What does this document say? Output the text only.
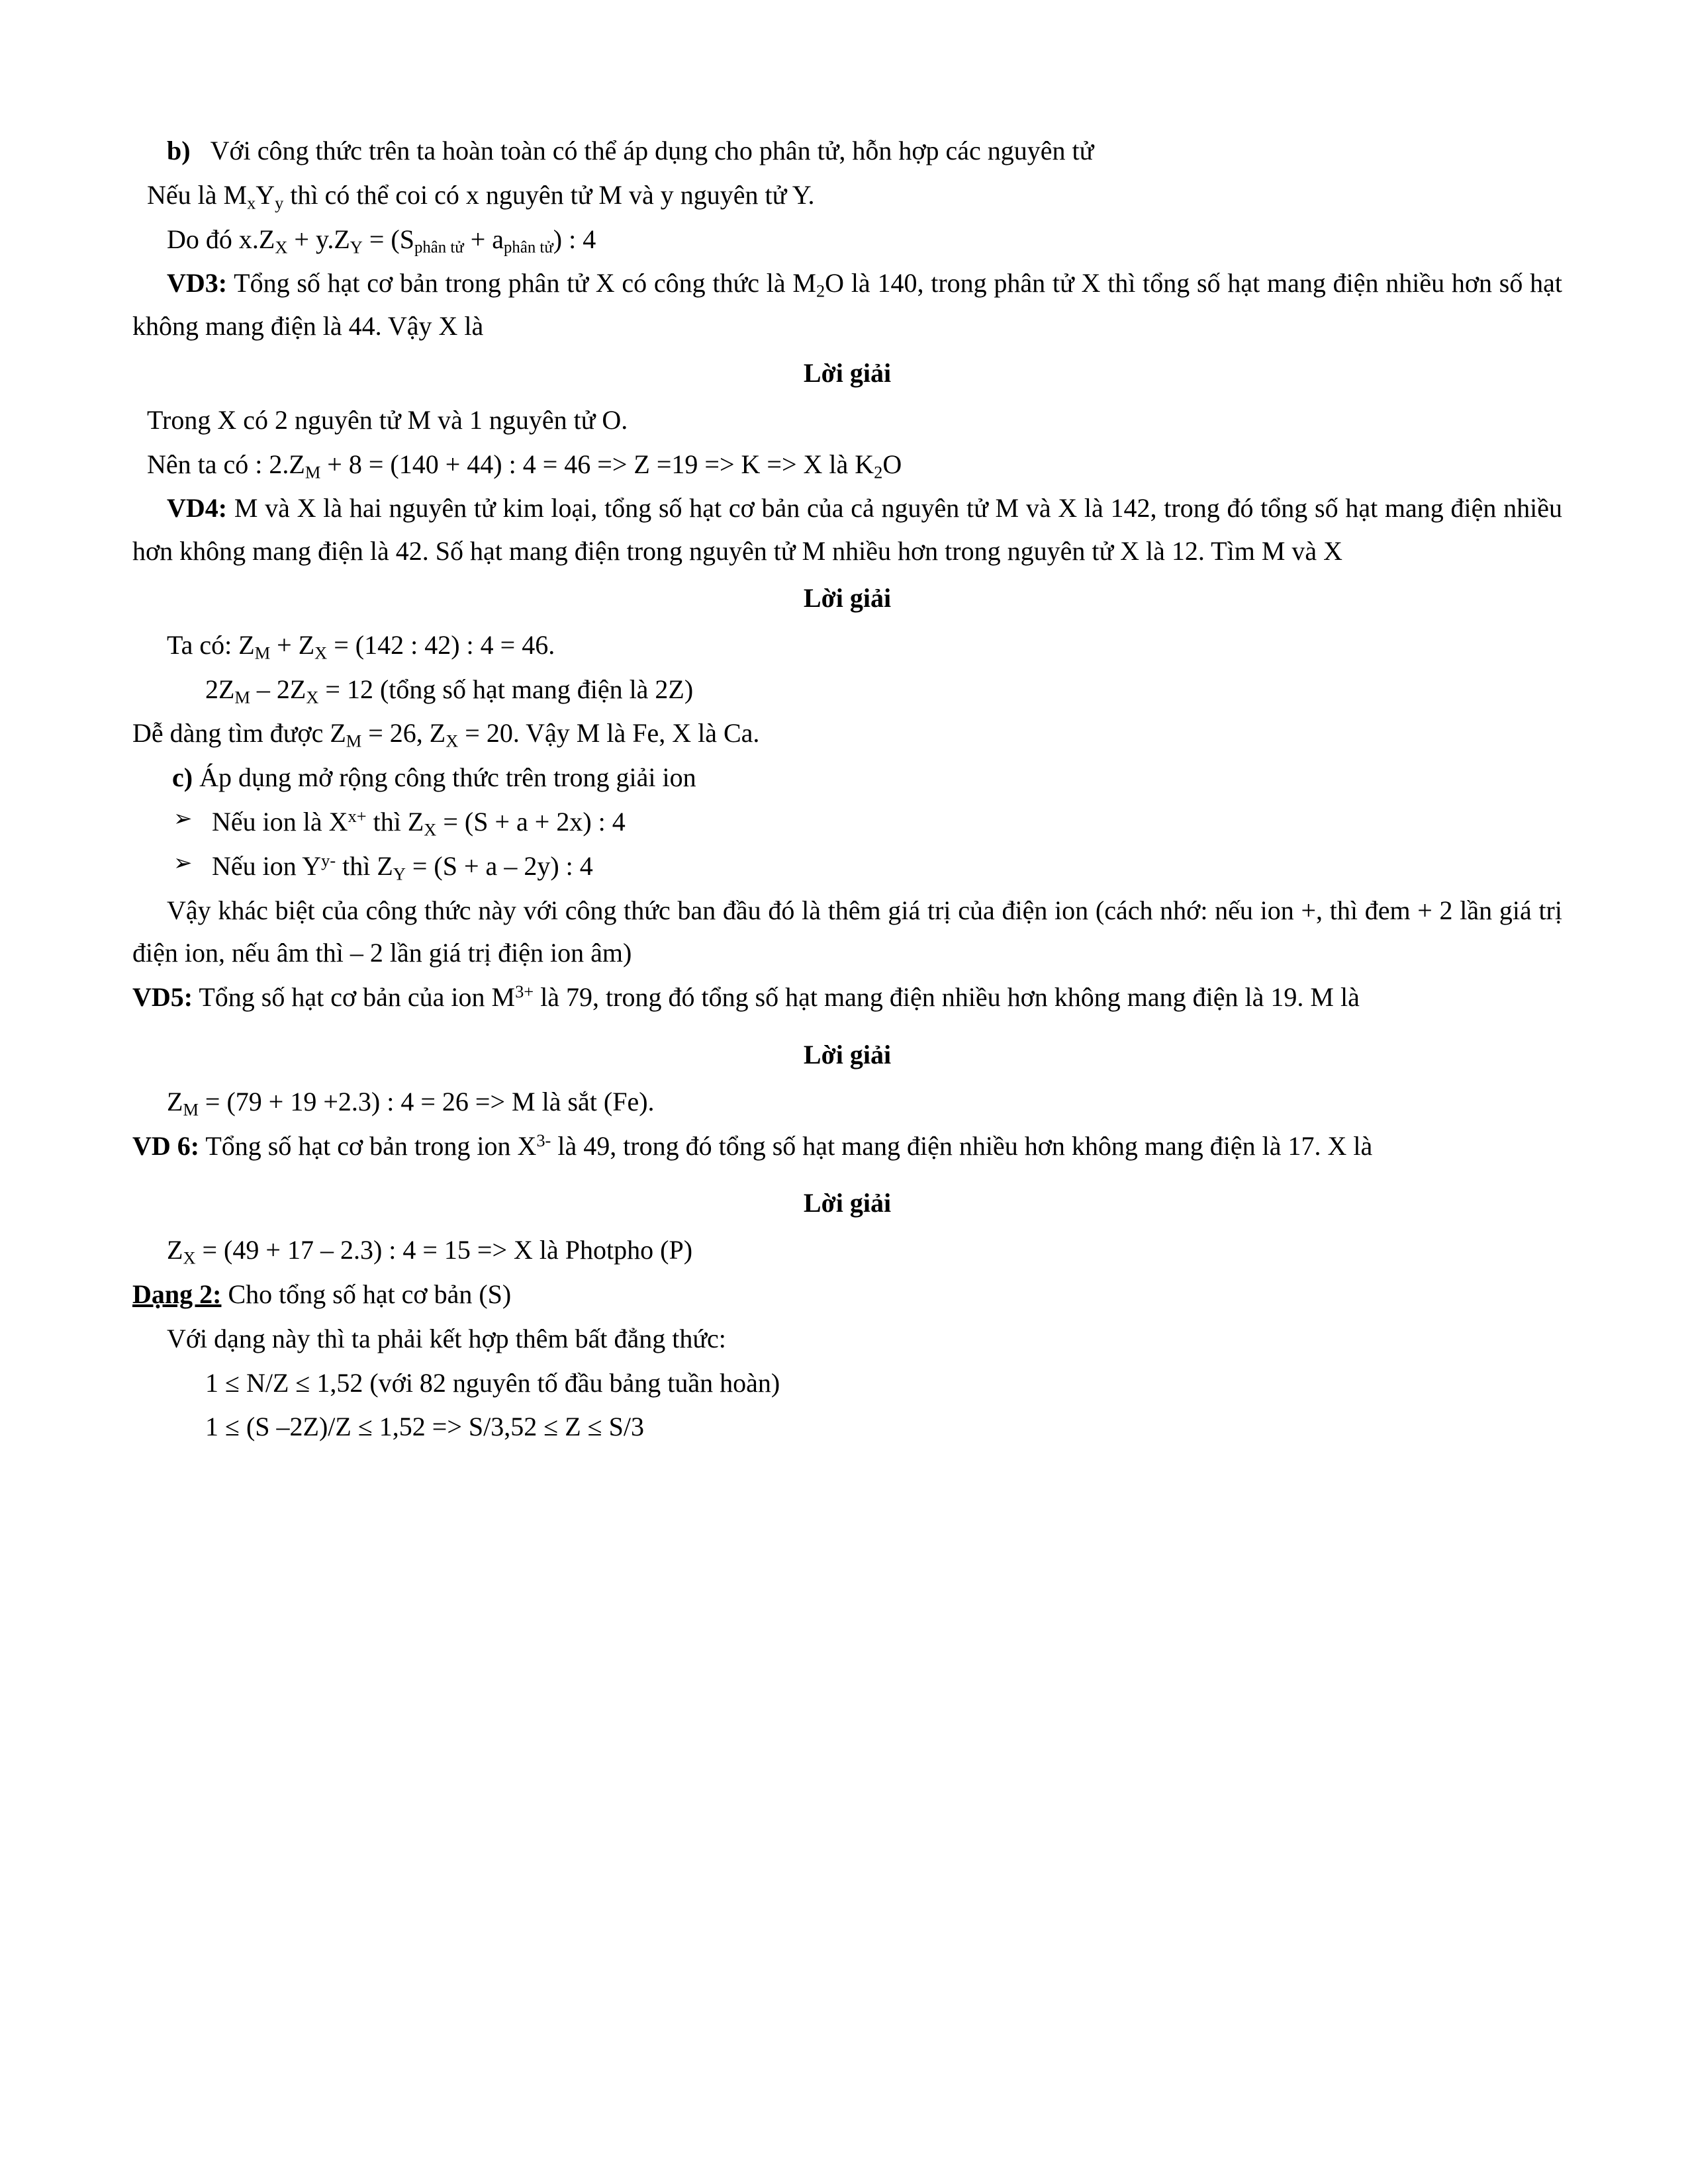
b) Với công thức trên ta hoàn toàn có thể áp dụng cho phân tử, hỗn hợp các nguyên tử

Nếu là $M_xY_y$ thì có thể coi có x nguyên tử M và y nguyên tử Y.

Do đó $x.Z_X + y.Z_Y = (S_{phân tử} + a_{phân tử})$ : 4

VD3: Tổng số hạt cơ bản trong phân tử X có công thức là $M_2O$ là 140, trong phân tử X thì tổng số hạt mang điện nhiều hơn số hạt không mang điện là 44. Vậy X là

Lời giải

Trong X có 2 nguyên tử M và 1 nguyên tử O.

Nên ta có : $2.Z_M + 8 = (140 + 44)$ : 4 = 46 => Z =19 => K => X là $K_2O$

VD4: M và X là hai nguyên tử kim loại, tổng số hạt cơ bản của cả nguyên tử M và X là 142, trong đó tổng số hạt mang điện nhiều hơn không mang điện là 42. Số hạt mang điện trong nguyên tử M nhiều hơn trong nguyên tử X là 12. Tìm M và X

Lời giải

Ta có: $Z_M + Z_X = (142$ : 42) : 4 = 46.

$2Z_M - 2Z_X = 12$ (tổng số hạt mang điện là 2Z)

Dễ dàng tìm được $Z_M = 26$, $Z_X = 20$. Vậy M là Fe, X là Ca.

c) Áp dụng mở rộng công thức trên trong giải ion

➢ Nếu ion là $X^{x+}$ thì $Z_X = (S + a + 2x)$ : 4

➢ Nếu ion $Y^{y-}$ thì $Z_Y = (S + a - 2y)$ : 4

Vậy khác biệt của công thức này với công thức ban đầu đó là thêm giá trị của điện ion (cách nhớ: nếu ion +, thì đem + 2 lần giá trị điện ion, nếu âm thì – 2 lần giá trị điện ion âm)

VD5: Tổng số hạt cơ bản của ion $M^{3+}$ là 79, trong đó tổng số hạt mang điện nhiều hơn không mang điện là 19. M là

Lời giải

$Z_M = (79 + 19 +2.3)$ : 4 = 26 => M là sắt (Fe).

VD 6: Tổng số hạt cơ bản trong ion $X^{3-}$ là 49, trong đó tổng số hạt mang điện nhiều hơn không mang điện là 17. X là

Lời giải

$Z_X = (49 + 17 - 2.3)$ : 4 = 15 => X là Photpho (P)

Dạng 2: Cho tổng số hạt cơ bản (S)

Với dạng này thì ta phải kết hợp thêm bất đẳng thức:

1 ≤ N/Z ≤ 1,52 (với 82 nguyên tố đầu bảng tuần hoàn)

1 ≤ (S –2Z)/Z ≤ 1,52 => S/3,52 ≤ Z ≤ S/3
